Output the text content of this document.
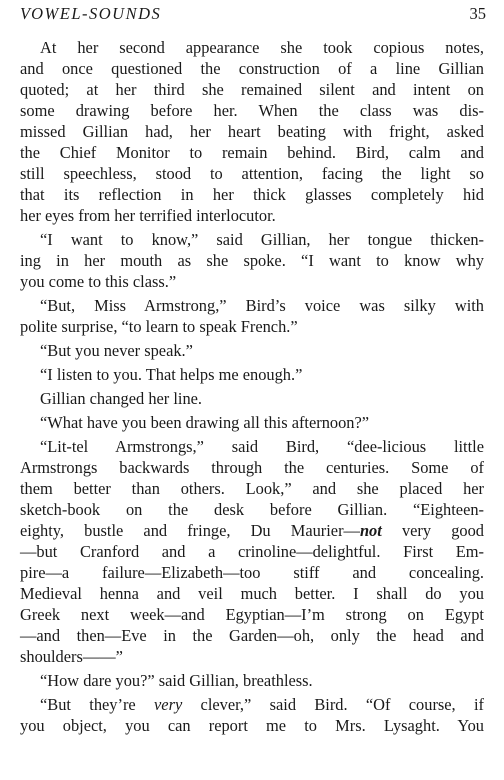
VOWEL-SOUNDS	35
At her second appearance she took copious notes,
and once questioned the construction of a line Gillian
quoted; at her third she remained silent and intent on
some drawing before her. When the class was dis-
missed Gillian had, her heart beating with fright, asked
the Chief Monitor to remain behind. Bird, calm and
still speechless, stood to attention, facing the light so
that its reflection in her thick glasses completely hid
her eyes from her terrified interlocutor.
“I want to know,” said Gillian, her tongue thicken-
ing in her mouth as she spoke. “I want to know why
you come to this class.”
“But, Miss Armstrong,” Bird’s voice was silky with
polite surprise, “to learn to speak French.”
“But you never speak.”
“I listen to you. That helps me enough.”
Gillian changed her line.
“What have you been drawing all this afternoon?”
“Lit-tel Armstrongs,” said Bird, “dee-licious little
Armstrongs backwards through the centuries. Some of
them better than others. Look,” and she placed her
sketch-book on the desk before Gillian. “Eighteen-
eighty, bustle and fringe, Du Maurier—not very good
—but Cranford and a crinoline—delightful. First Em-
pire—a failure—Elizabeth—too stiff and concealing.
Medieval henna and veil much better. I shall do you
Greek next week—and Egyptian—I’m strong on Egypt
—and then—Eve in the Garden—oh, only the head and
shoulders——”
“How dare you?” said Gillian, breathless.
“But they’re very clever,” said Bird. “Of course, if
you object, you can report me to Mrs. Lysaght. You
